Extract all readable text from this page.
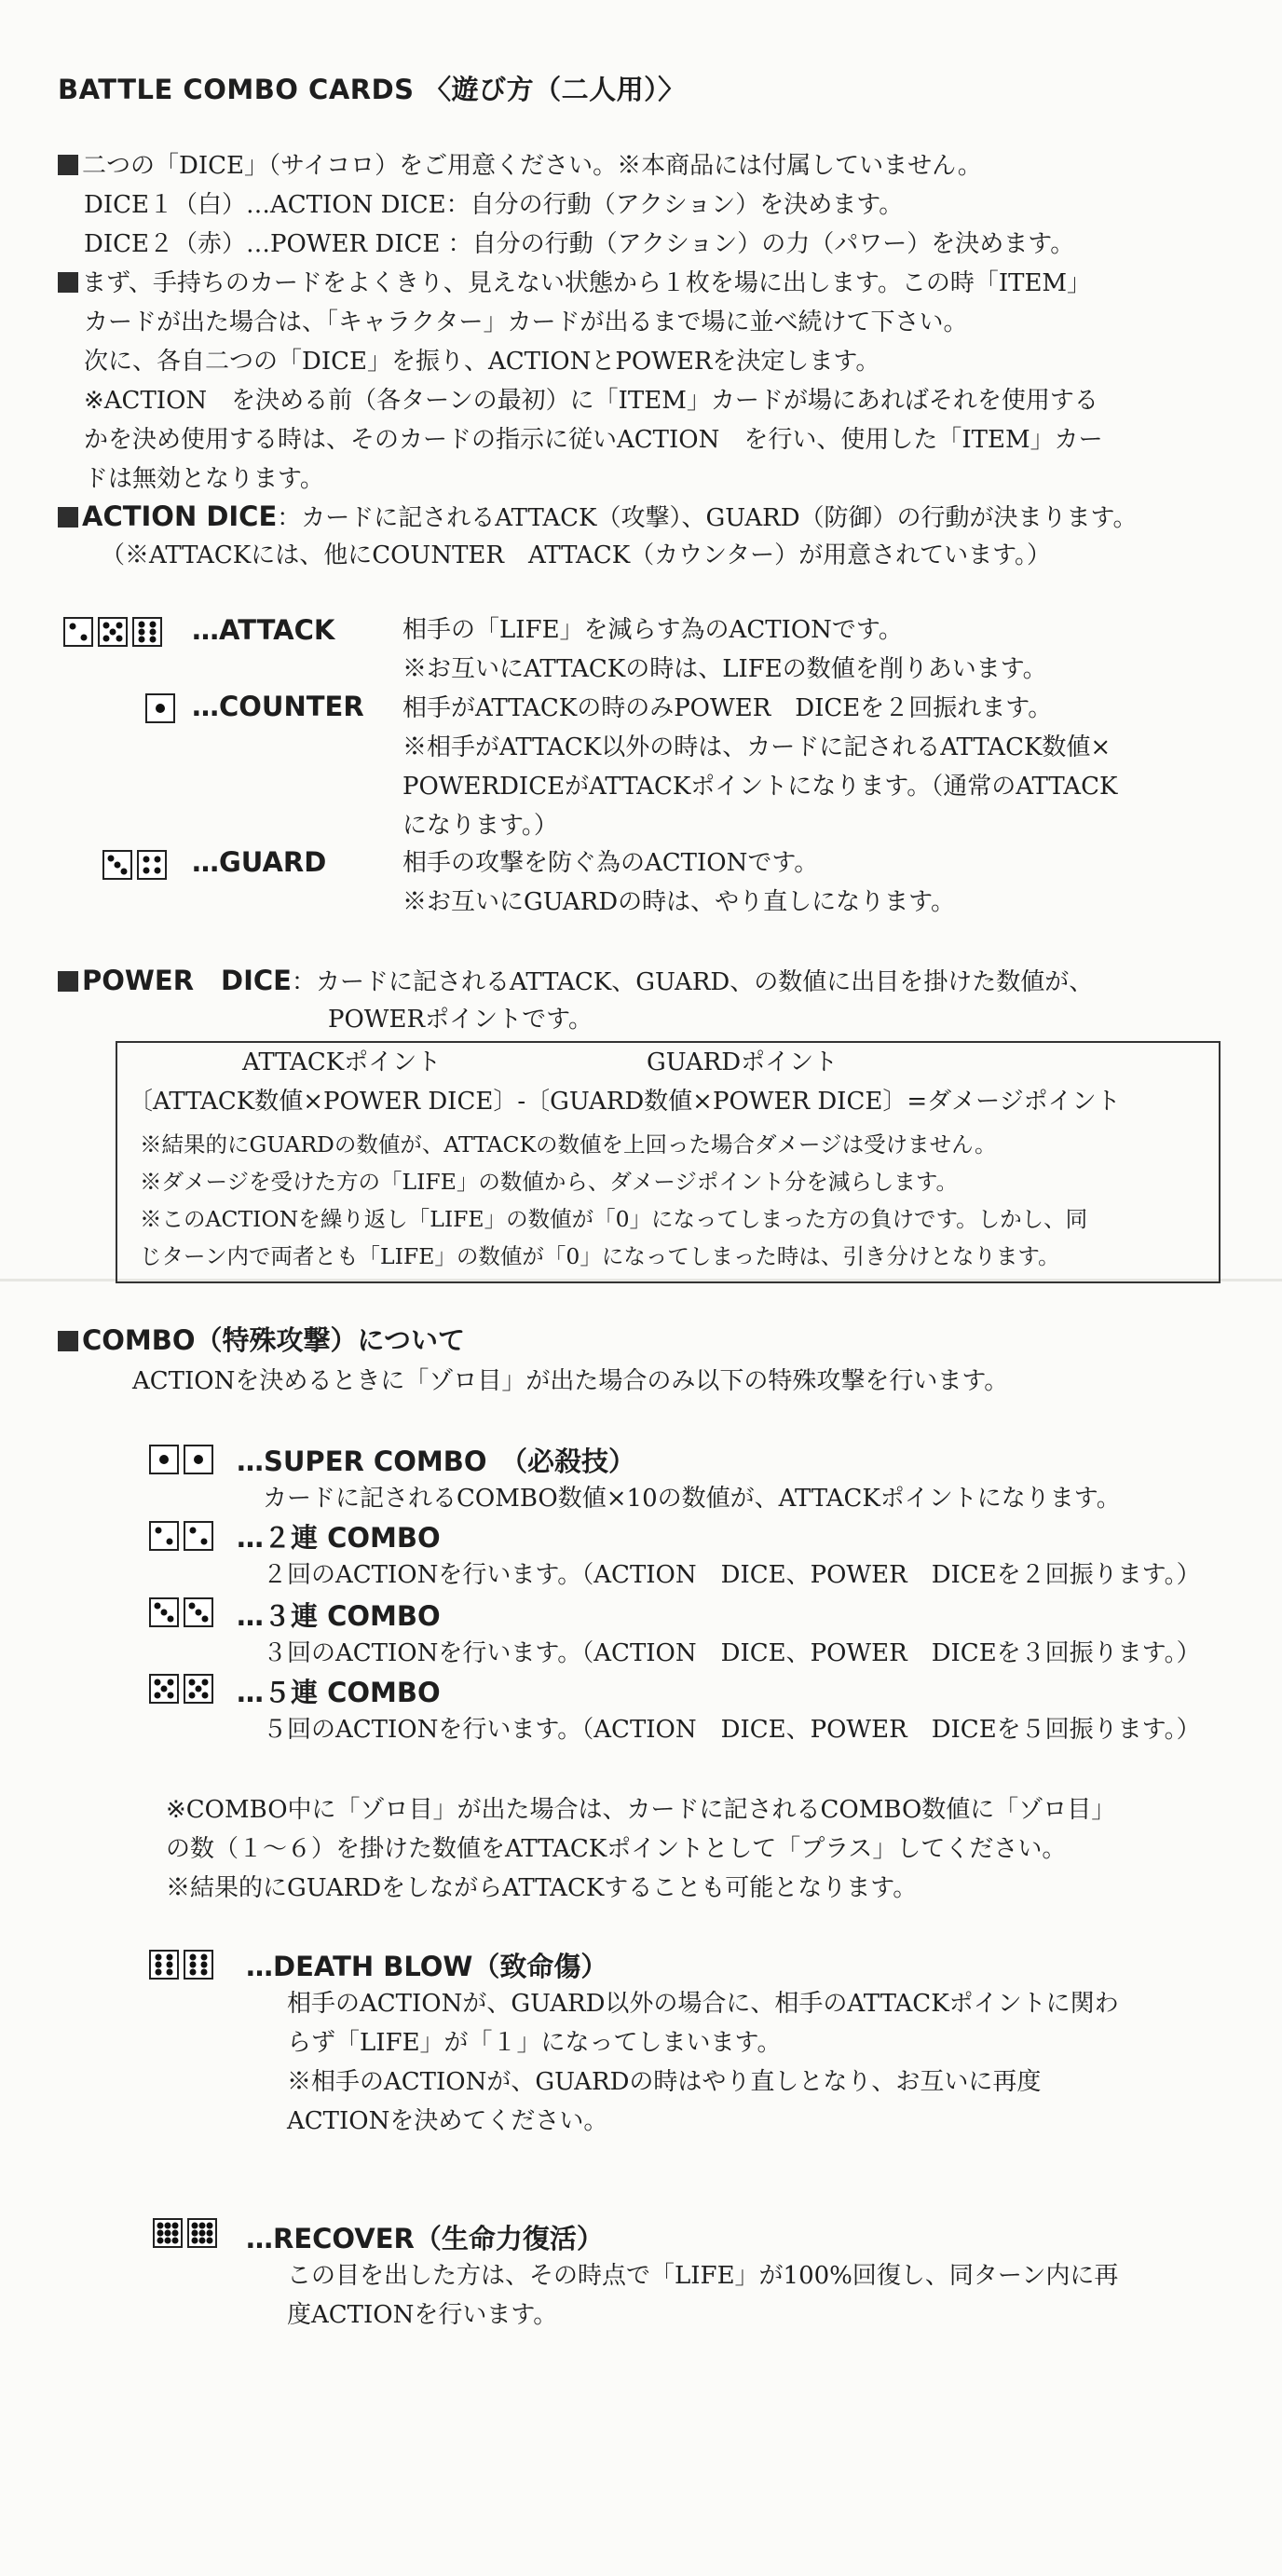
BATTLE COMBO CARDS 〈遊び方（二人用）〉
二つの「DICE」（サイコロ）をご用意ください。※本商品には付属していません。
DICE１（白）…ACTION DICE：自分の行動（アクション）を決めます。
DICE２（赤）…POWER DICE ：自分の行動（アクション）の力（パワー）を決めます。
まず、手持ちのカードをよくきり、見えない状態から１枚を場に出します。この時「ITEM」
カードが出た場合は、「キャラクター」カードが出るまで場に並べ続けて下さい。
次に、各自二つの「DICE」を振り、ACTIONとPOWERを決定します。
※ACTION　を決める前（各ターンの最初）に「ITEM」カードが場にあればそれを使用する
かを決め使用する時は、そのカードの指示に従いACTION　を行い、使用した「ITEM」カー
ドは無効となります。
ACTION DICE：カードに記されるATTACK（攻撃）、GUARD（防御）の行動が決まります。
（※ATTACKには、他にCOUNTER　ATTACK（カウンター）が用意されています。）
…ATTACK	相手の「LIFE」を減らす為のACTIONです。
※お互いにATTACKの時は、LIFEの数値を削りあいます。
…COUNTER 相手がATTACKの時のみPOWER　DICEを２回振れます。
※相手がATTACK以外の時は、カードに記されるATTACK数値×
POWERDICEがATTACKポイントになります。（通常のATTACK
になります。）
…GUARD	相手の攻撃を防ぐ為のACTIONです。
※お互いにGUARDの時は、やり直しになります。
POWER　DICE：カードに記されるATTACK、GUARD、の数値に出目を掛けた数値が、
POWERポイントです。
ATTACKポイント	GUARDポイント
〔ATTACK数値×POWER DICE〕-〔GUARD数値×POWER DICE〕=ダメージポイント
※結果的にGUARDの数値が、ATTACKの数値を上回った場合ダメージは受けません。
※ダメージを受けた方の「LIFE」の数値から、ダメージポイント分を減らします。
※このACTIONを繰り返し「LIFE」の数値が「0」になってしまった方の負けです。しかし、同
じターン内で両者とも「LIFE」の数値が「0」になってしまった時は、引き分けとなります。
COMBO（特殊攻撃）について
ACTIONを決めるときに「ゾロ目」が出た場合のみ以下の特殊攻撃を行います。
…SUPER COMBO　（必殺技）
カードに記されるCOMBO数値×10の数値が、ATTACKポイントになります。
…２連 COMBO
２回のACTIONを行います。（ACTION　DICE、POWER　DICEを２回振ります。）
…３連 COMBO
３回のACTIONを行います。（ACTION　DICE、POWER　DICEを３回振ります。）
…５連 COMBO
５回のACTIONを行います。（ACTION　DICE、POWER　DICEを５回振ります。）
※COMBO中に「ゾロ目」が出た場合は、カードに記されるCOMBO数値に「ゾロ目」
の数（１～６）を掛けた数値をATTACKポイントとして「プラス」してください。
※結果的にGUARDをしながらATTACKすることも可能となります。
…DEATH BLOW（致命傷）
相手のACTIONが、GUARD以外の場合に、相手のATTACKポイントに関わ
らず「LIFE」が「１」になってしまいます。
※相手のACTIONが、GUARDの時はやり直しとなり、お互いに再度
ACTIONを決めてください。
…RECOVER（生命力復活）
この目を出した方は、その時点で「LIFE」が100%回復し、同ターン内に再
度ACTIONを行います。
